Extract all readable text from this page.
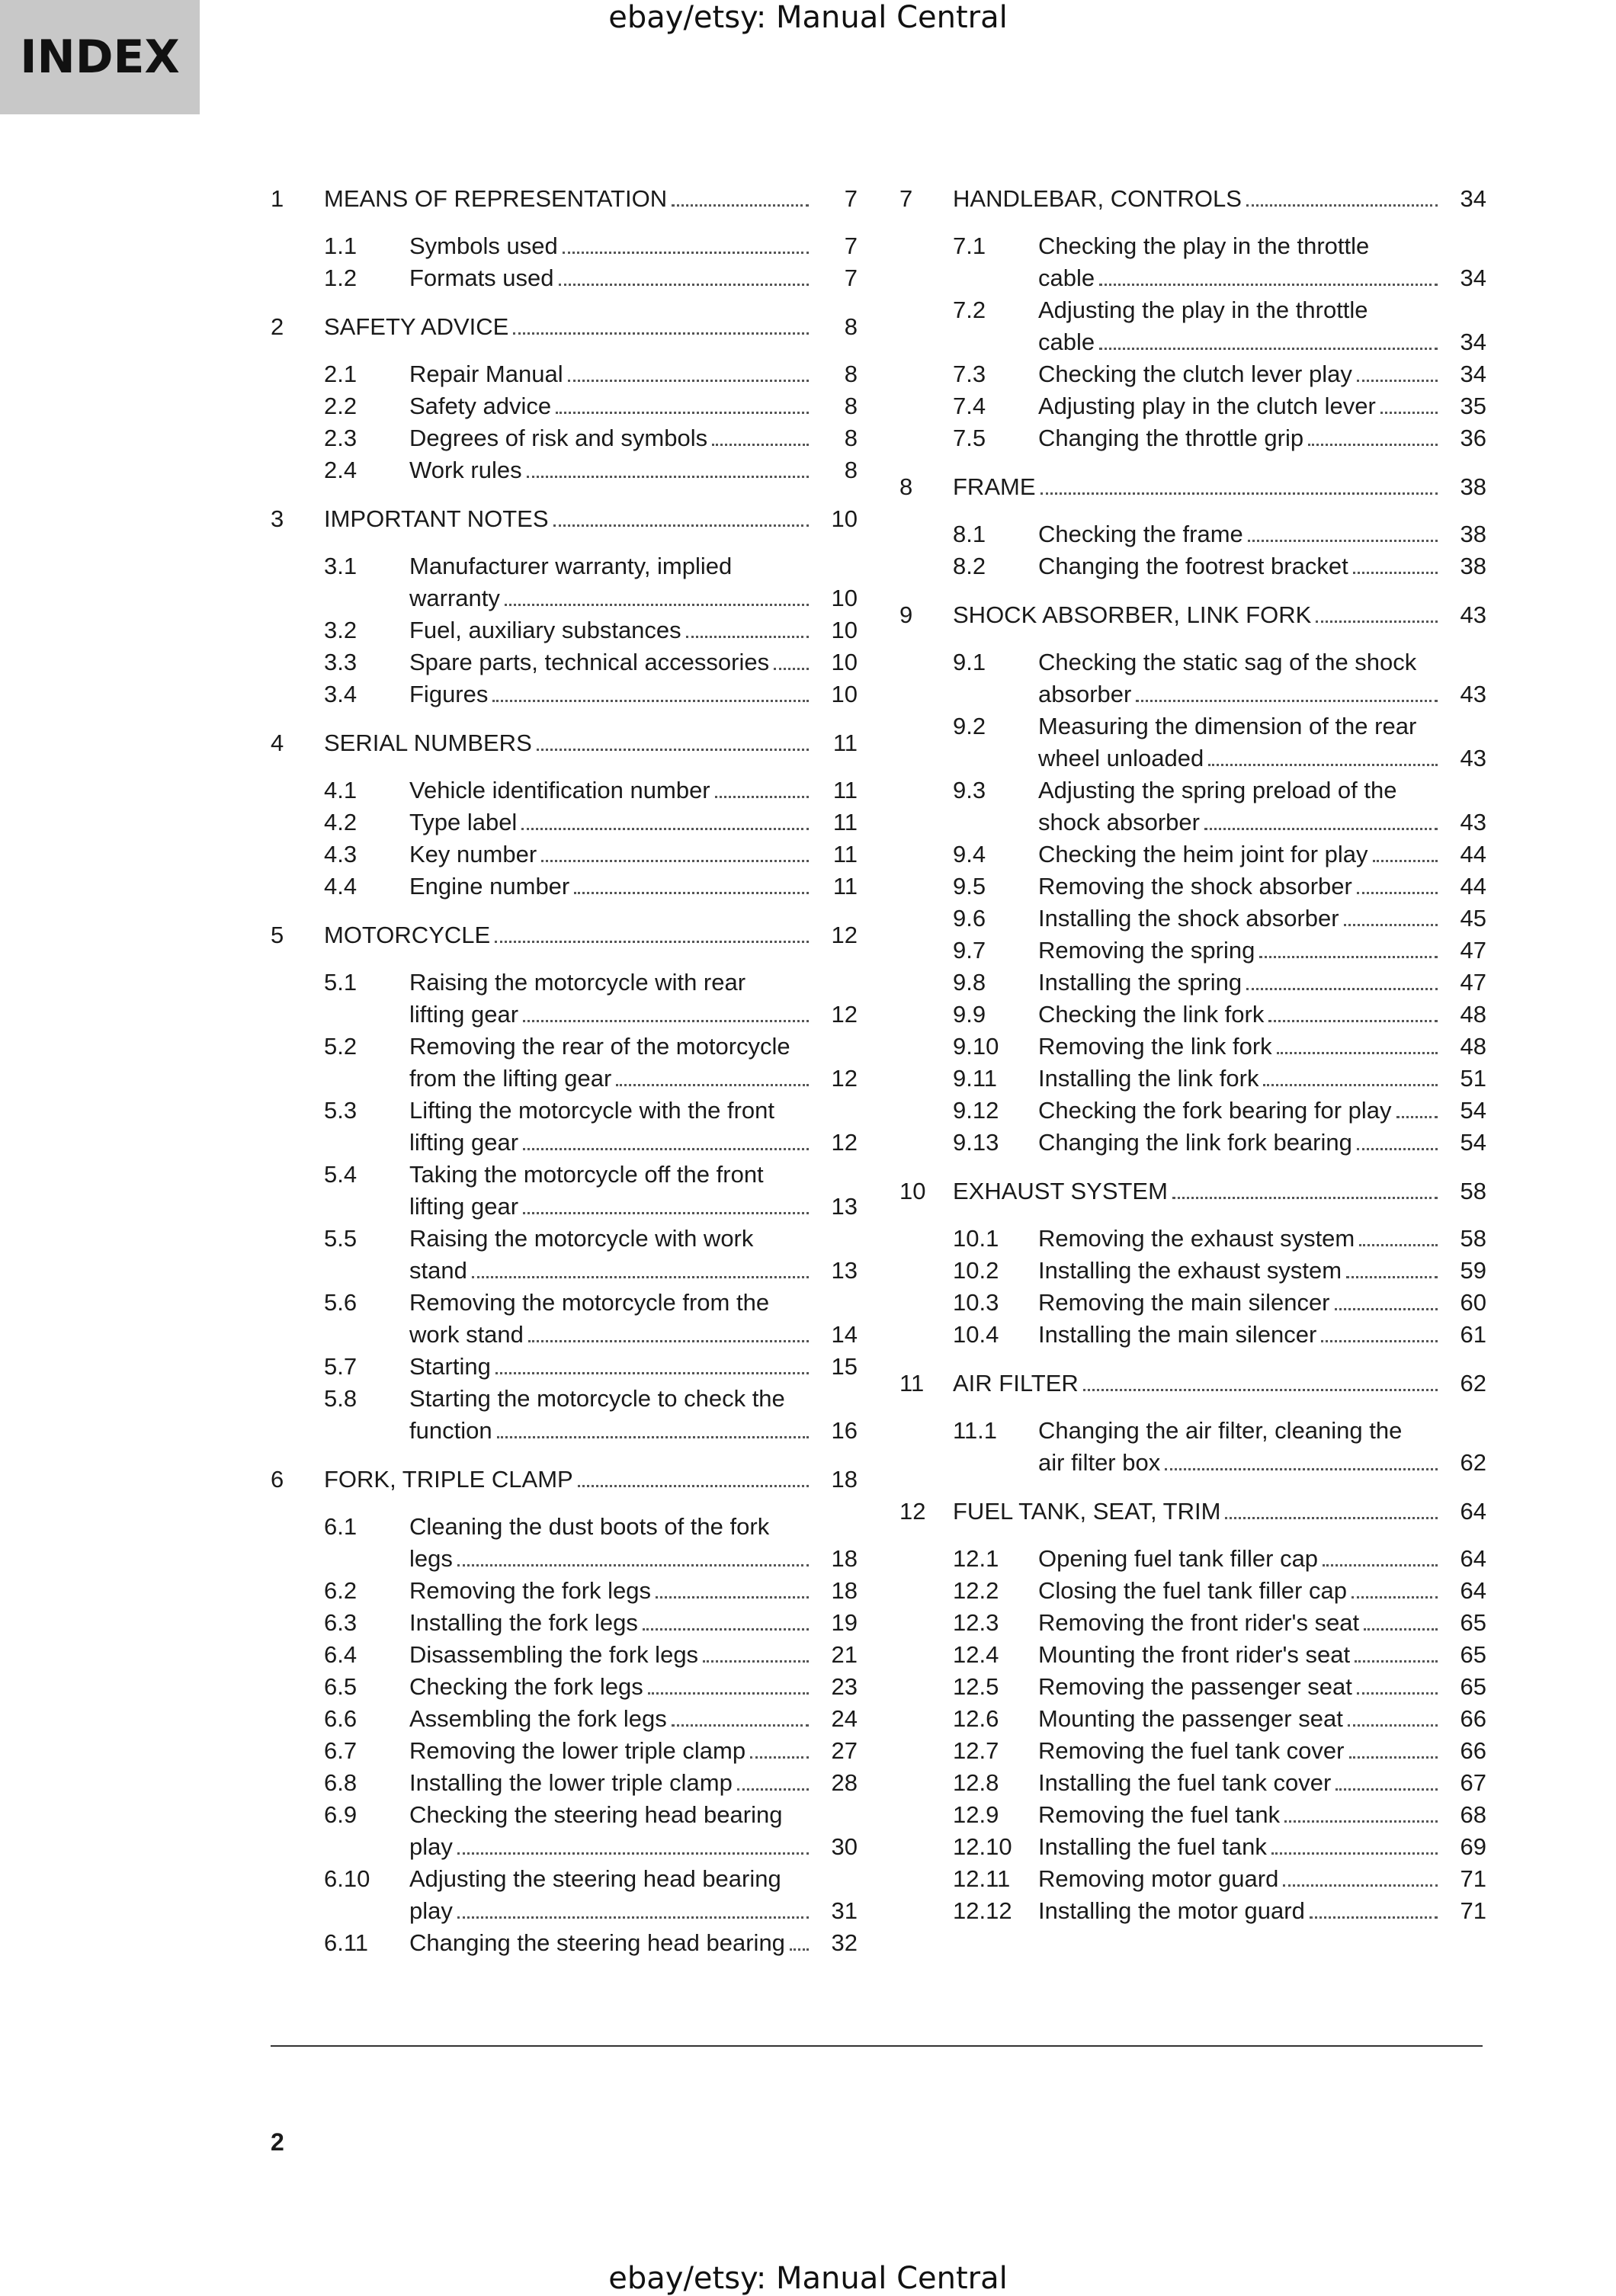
INDEX
ebay/etsy: Manual Central
1	MEANS OF REPRESENTATION	7
1.1	Symbols used	7
1.2	Formats used	7
2	SAFETY ADVICE	8
2.1	Repair Manual	8
2.2	Safety advice	8
2.3	Degrees of risk and symbols	8
2.4	Work rules	8
3	IMPORTANT NOTES	10
3.1	Manufacturer warranty, implied
warranty	10
3.2	Fuel, auxiliary substances	10
3.3	Spare parts, technical accessories	10
3.4	Figures	10
4	SERIAL NUMBERS	11
4.1	Vehicle identification number	11
4.2	Type label	11
4.3	Key number	11
4.4	Engine number	11
5	MOTORCYCLE	12
5.1	Raising the motorcycle with rear
lifting gear	12
5.2	Removing the rear of the motorcycle
from the lifting gear	12
5.3	Lifting the motorcycle with the front
lifting gear	12
5.4	Taking the motorcycle off the front
lifting gear	13
5.5	Raising the motorcycle with work
stand	13
5.6	Removing the motorcycle from the
work stand	14
5.7	Starting	15
5.8	Starting the motorcycle to check the
function	16
6	FORK, TRIPLE CLAMP	18
6.1	Cleaning the dust boots of the fork
legs	18
6.2	Removing the fork legs	18
6.3	Installing the fork legs	19
6.4	Disassembling the fork legs	21
6.5	Checking the fork legs	23
6.6	Assembling the fork legs	24
6.7	Removing the lower triple clamp	27
6.8	Installing the lower triple clamp	28
6.9	Checking the steering head bearing
play	30
6.10	Adjusting the steering head bearing
play	31
6.11	Changing the steering head bearing	32
7	HANDLEBAR, CONTROLS	34
7.1	Checking the play in the throttle
cable	34
7.2	Adjusting the play in the throttle
cable	34
7.3	Checking the clutch lever play	34
7.4	Adjusting play in the clutch lever	35
7.5	Changing the throttle grip	36
8	FRAME	38
8.1	Checking the frame	38
8.2	Changing the footrest bracket	38
9	SHOCK ABSORBER, LINK FORK	43
9.1	Checking the static sag of the shock
absorber	43
9.2	Measuring the dimension of the rear
wheel unloaded	43
9.3	Adjusting the spring preload of the
shock absorber	43
9.4	Checking the heim joint for play	44
9.5	Removing the shock absorber	44
9.6	Installing the shock absorber	45
9.7	Removing the spring	47
9.8	Installing the spring	47
9.9	Checking the link fork	48
9.10	Removing the link fork	48
9.11	Installing the link fork	51
9.12	Checking the fork bearing for play	54
9.13	Changing the link fork bearing	54
10	EXHAUST SYSTEM	58
10.1	Removing the exhaust system	58
10.2	Installing the exhaust system	59
10.3	Removing the main silencer	60
10.4	Installing the main silencer	61
11	AIR FILTER	62
11.1	Changing the air filter, cleaning the
air filter box	62
12	FUEL TANK, SEAT, TRIM	64
12.1	Opening fuel tank filler cap	64
12.2	Closing the fuel tank filler cap	64
12.3	Removing the front rider's seat	65
12.4	Mounting the front rider's seat	65
12.5	Removing the passenger seat	65
12.6	Mounting the passenger seat	66
12.7	Removing the fuel tank cover	66
12.8	Installing the fuel tank cover	67
12.9	Removing the fuel tank	68
12.10	Installing the fuel tank	69
12.11	Removing motor guard	71
12.12	Installing the motor guard	71
2
ebay/etsy: Manual Central
